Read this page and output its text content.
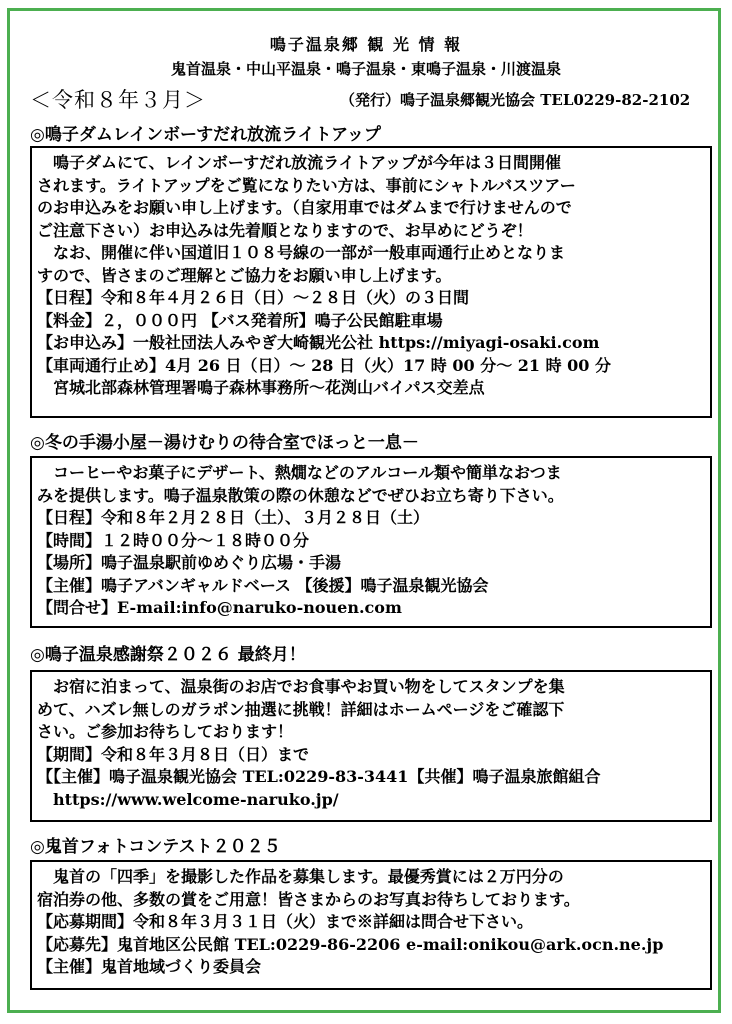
鳴子温泉郷 観 光 情 報
鬼首温泉・中山平温泉・鳴子温泉・東鳴子温泉・川渡温泉
＜令和８年３月＞	（発行）鳴子温泉郷観光協会 TEL0229-82-2102
◎鳴子ダムレインボーすだれ放流ライトアップ
　鳴子ダムにて、レインボーすだれ放流ライトアップが今年は３日間開催
されます。ライトアップをご覧になりたい方は、事前にシャトルバスツアー
のお申込みをお願い申し上げます。（自家用車ではダムまで行けませんので
ご注意下さい）お申込みは先着順となりますので、お早めにどうぞ！
　なお、開催に伴い国道旧１０８号線の一部が一般車両通行止めとなりま
すので、皆さまのご理解とご協力をお願い申し上げます。
【日程】令和８年４月２６日（日）～２８日（火）の３日間
【料金】２，０００円 【バス発着所】鳴子公民館駐車場
【お申込み】一般社団法人みやぎ大崎観光公社 https://miyagi-osaki.com
【車両通行止め】4月 26 日（日）～ 28 日（火）17 時 00 分～ 21 時 00 分
　宮城北部森林管理署鳴子森林事務所～花渕山バイパス交差点
◎冬の手湯小屋－湯けむりの待合室でほっと一息－
　コーヒーやお菓子にデザート、熱燗などのアルコール類や簡単なおつま
みを提供します。鳴子温泉散策の際の休憩などでぜひお立ち寄り下さい。
【日程】令和８年２月２８日（土）、３月２８日（土）
【時間】１２時００分～１８時００分
【場所】鳴子温泉駅前ゆめぐり広場・手湯
【主催】鳴子アバンギャルドベース 【後援】鳴子温泉観光協会
【問合せ】E-mail:info@naruko-nouen.com
◎鳴子温泉感謝祭２０２６ 最終月！
　お宿に泊まって、温泉街のお店でお食事やお買い物をしてスタンプを集
めて、ハズレ無しのガラポン抽選に挑戦！詳細はホームページをご確認下
さい。ご参加お待ちしております！
【期間】令和８年３月８日（日）まで
【【主催】鳴子温泉観光協会 TEL:0229-83-3441【共催】鳴子温泉旅館組合
　https://www.welcome-naruko.jp/
◎鬼首フォトコンテスト２０２５
　鬼首の「四季」を撮影した作品を募集します。最優秀賞には２万円分の
宿泊券の他、多数の賞をご用意！皆さまからのお写真お待ちしております。
【応募期間】令和８年３月３１日（火）まで※詳細は問合せ下さい。
【応募先】鬼首地区公民館 TEL:0229-86-2206 e-mail:onikou@ark.ocn.ne.jp
【主催】鬼首地域づくり委員会
